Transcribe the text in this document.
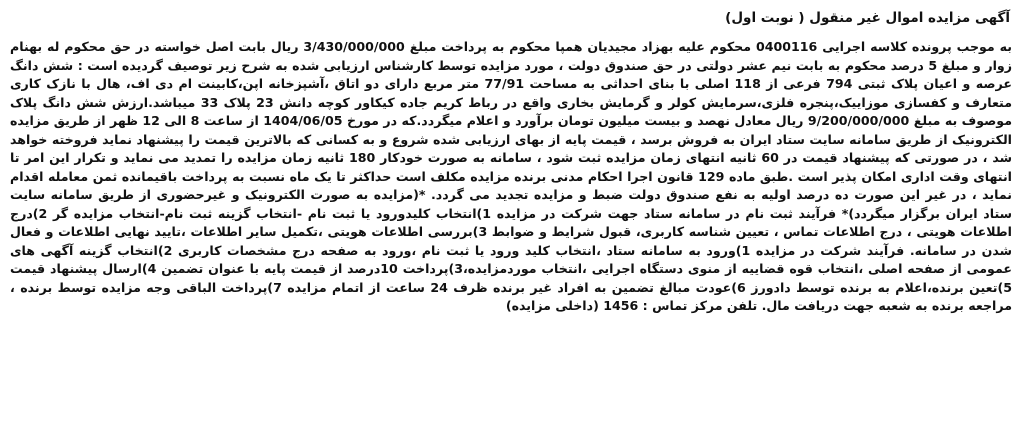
آگهی مزایده اموال غیر منقول ( نوبت اول)

به موجب پرونده کلاسه اجرایی 0400116 محکوم علیه بهزاد مجیدیان همپا محکوم به پرداخت مبلغ 3/430/000/000 ریال بابت اصل خواسته در حق محکوم له بهنام زوار و مبلغ 5 درصد محکوم به بابت نیم عشر دولتی در حق صندوق دولت ، مورد مزایده توسط کارشناس ارزیابی شده به شرح زیر توصیف گردیده است : شش دانگ عرصه و اعیان پلاک ثبتی 794 فرعی از 118 اصلی با بنای احداثی به مساحت 77/91 متر مربع دارای دو اتاق ،آشپزخانه اپن،کابینت ام دی اف، هال با نازک کاری متعارف و کفسازی موزاییک،پنجره فلزی،سرمایش کولر و گرمایش بخاری واقع در رباط کریم جاده کیکاور کوچه دانش 23 پلاک 33 میباشد.ارزش شش دانگ پلاک موصوف به مبلغ 9/200/000/000 ریال معادل نهصد و بیست میلیون تومان برآورد و اعلام میگردد.که در مورخ 1404/06/05 از ساعت 8 الی 12 ظهر از طریق مزایده الکترونیک از طریق سامانه سایت ستاد ایران به فروش برسد ، قیمت پایه از بهای ارزیابی شده شروع و به کسانی که بالاترین قیمت را پیشنهاد نماید فروخته خواهد شد ، در صورتی که پیشنهاد قیمت در 60 ثانیه انتهای زمان مزایده ثبت شود ، سامانه به صورت خودکار 180 ثانیه زمان مزایده را تمدید می نماید و تکرار این امر تا انتهای وقت اداری امکان پذیر است .طبق ماده 129 قانون اجرا احکام مدنی برنده مزایده مکلف است حداکثر تا یک ماه نسبت به پرداخت باقیمانده ثمن معامله اقدام نماید ، در غیر این صورت ده درصد اولیه به نفع صندوق دولت ضبط و مزایده تجدید می گردد. *(مزایده به صورت الکترونیک و غیرحضوری از طریق سامانه سایت ستاد ایران برگزار میگردد)* فرآیند ثبت نام در سامانه ستاد جهت شرکت در مزایده 1)انتخاب کلیدورود یا ثبت نام -انتخاب گزینه ثبت نام-انتخاب مزایده گر 2)درج اطلاعات هویتی ، درج اطلاعات تماس ، تعیین شناسه کاربری، قبول شرایط و ضوابط 3)بررسی اطلاعات هویتی ،تکمیل سایر اطلاعات ،تایید نهایی اطلاعات و فعال شدن در سامانه. فرآیند شرکت در مزایده 1)ورود به سامانه ستاد ،انتخاب کلید ورود یا ثبت نام ،ورود به صفحه درج مشخصات کاربری 2)انتخاب گزینه آگهی های عمومی از صفحه اصلی ،انتخاب قوه قضاییه از منوی دستگاه اجرایی ،انتخاب موردمزایده،3)پرداخت 10درصد از قیمت پایه با عنوان تضمین 4)ارسال پیشنهاد قیمت 5)تعین برنده،اعلام به برنده توسط دادورز 6)عودت مبالغ تضمین به افراد غیر برنده ظرف 24 ساعت از اتمام مزایده 7)پرداخت الباقی وجه مزایده توسط برنده ، مراجعه برنده به شعبه جهت دریافت مال. تلفن مرکز تماس : 1456 (داخلی مزایده)
